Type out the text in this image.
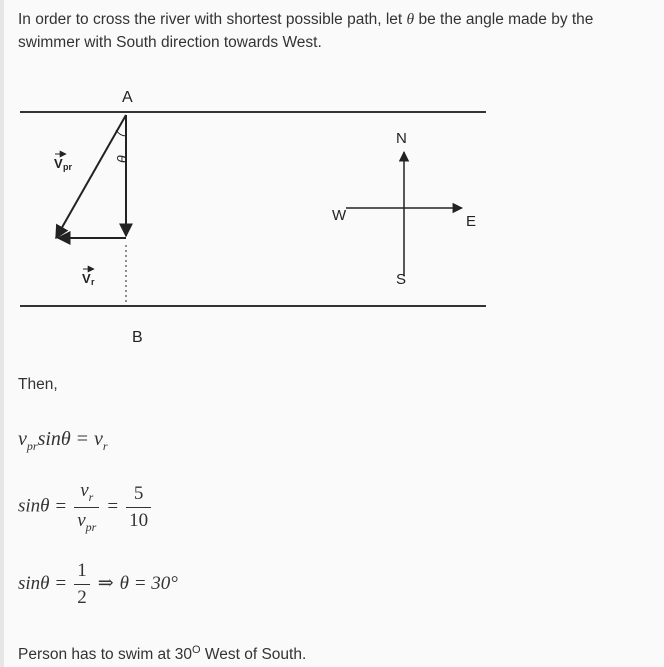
In order to cross the river with shortest possible path, let θ be the angle made by the swimmer with South direction towards West.
A
B
θ
V pr
V r
N
S
E
W
Then,
$v_{pr}\sin\theta = v_r$
$\sin\theta = \frac{v_r}{v_{pr}} = \frac{5}{10}$
$\sin\theta = \frac{1}{2}$ ⇒ θ = 30°
Person has to swim at $30^O$ West of South.
